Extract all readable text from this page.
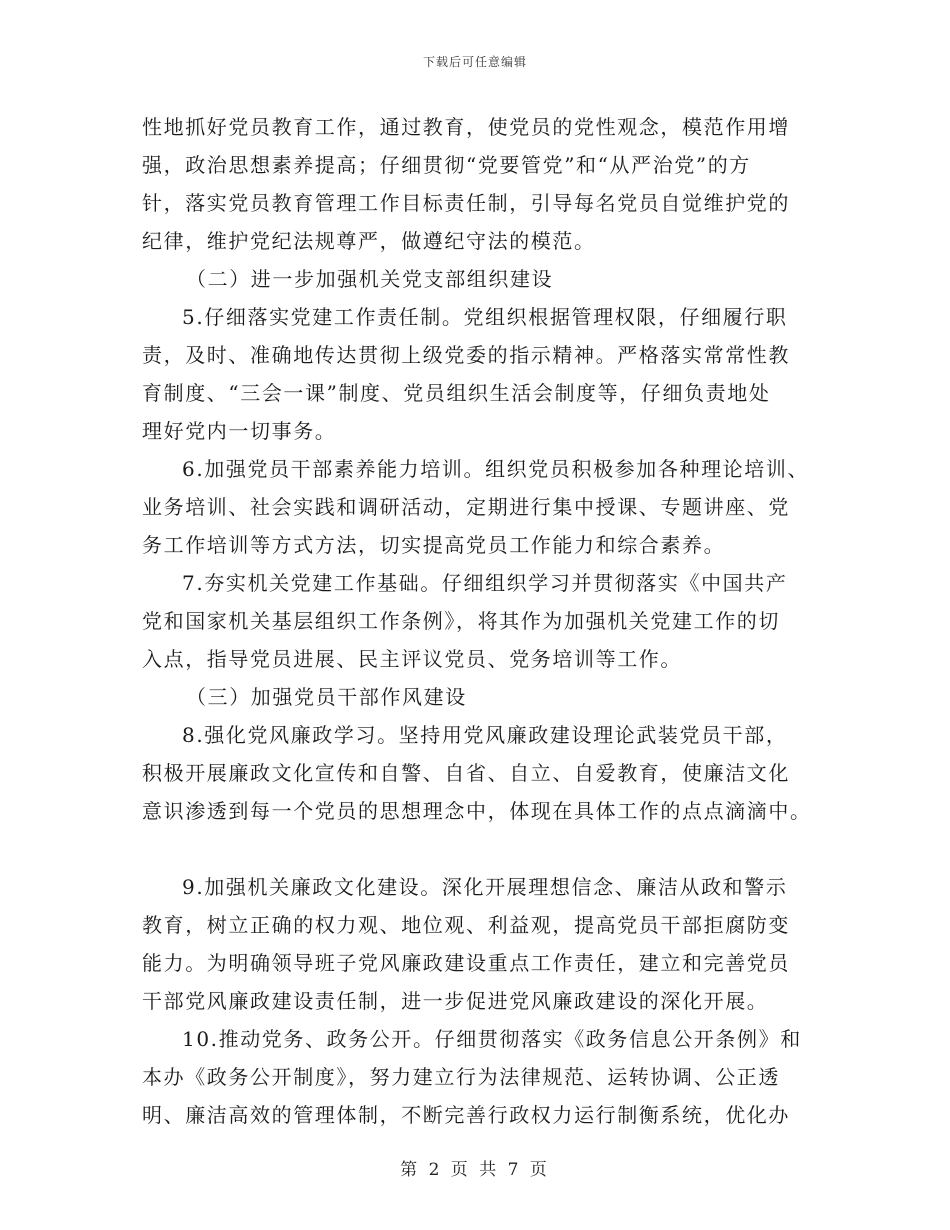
下载后可任意编辑
性地抓好党员教育工作，通过教育，使党员的党性观念，模范作用增
强，政治思想素养提高；仔细贯彻“党要管党”和“从严治党”的方
针，落实党员教育管理工作目标责任制，引导每名党员自觉维护党的
纪律，维护党纪法规尊严，做遵纪守法的模范。
（二）进一步加强机关党支部组织建设
5.仔细落实党建工作责任制。党组织根据管理权限，仔细履行职
责，及时、准确地传达贯彻上级党委的指示精神。严格落实常常性教
育制度、“三会一课”制度、党员组织生活会制度等，仔细负责地处
理好党内一切事务。
6.加强党员干部素养能力培训。组织党员积极参加各种理论培训、
业务培训、社会实践和调研活动，定期进行集中授课、专题讲座、党
务工作培训等方式方法，切实提高党员工作能力和综合素养。
7.夯实机关党建工作基础。仔细组织学习并贯彻落实《中国共产
党和国家机关基层组织工作条例》，将其作为加强机关党建工作的切
入点，指导党员进展、民主评议党员、党务培训等工作。
（三）加强党员干部作风建设
8.强化党风廉政学习。坚持用党风廉政建设理论武装党员干部，
积极开展廉政文化宣传和自警、自省、自立、自爱教育，使廉洁文化
意识渗透到每一个党员的思想理念中，体现在具体工作的点点滴滴中。
9.加强机关廉政文化建设。深化开展理想信念、廉洁从政和警示
教育，树立正确的权力观、地位观、利益观，提高党员干部拒腐防变
能力。为明确领导班子党风廉政建设重点工作责任，建立和完善党员
干部党风廉政建设责任制，进一步促进党风廉政建设的深化开展。
10.推动党务、政务公开。仔细贯彻落实《政务信息公开条例》和
本办《政务公开制度》，努力建立行为法律规范、运转协调、公正透
明、廉洁高效的管理体制，不断完善行政权力运行制衡系统，优化办
第 2 页 共 7 页
